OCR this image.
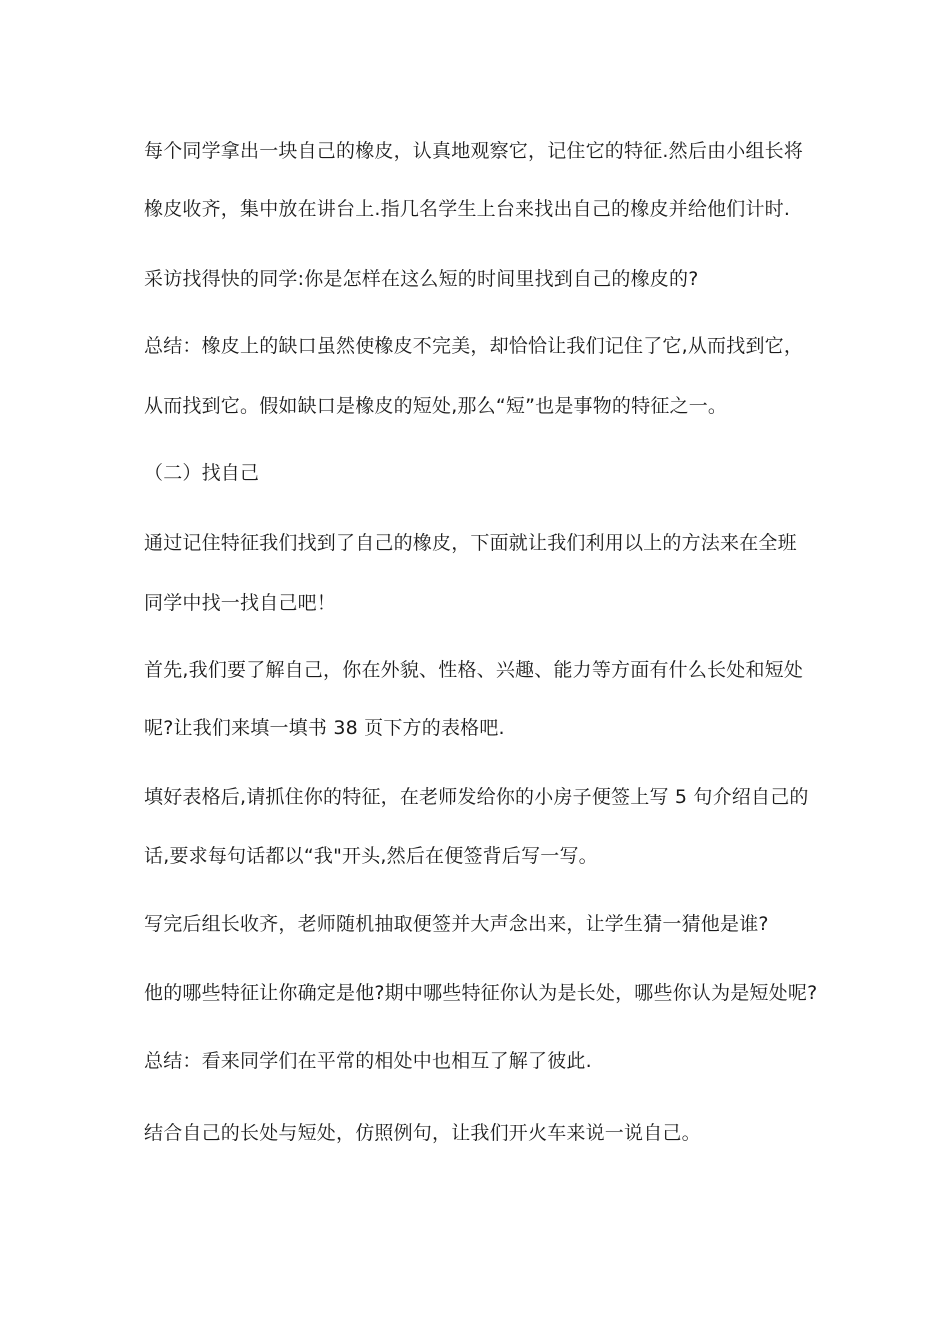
每个同学拿出一块自己的橡皮，认真地观察它，记住它的特征.然后由小组长将
橡皮收齐，集中放在讲台上.指几名学生上台来找出自己的橡皮并给他们计时.
采访找得快的同学:你是怎样在这么短的时间里找到自己的橡皮的?
总结：橡皮上的缺口虽然使橡皮不完美，却恰恰让我们记住了它,从而找到它，
从而找到它。假如缺口是橡皮的短处,那么“短”也是事物的特征之一。
（二）找自己
通过记住特征我们找到了自己的橡皮，下面就让我们利用以上的方法来在全班
同学中找一找自己吧！
首先,我们要了解自己，你在外貌、性格、兴趣、能力等方面有什么长处和短处
呢?让我们来填一填书 38 页下方的表格吧.
填好表格后,请抓住你的特征，在老师发给你的小房子便签上写 5 句介绍自己的
话,要求每句话都以“我"开头,然后在便签背后写一写。
写完后组长收齐，老师随机抽取便签并大声念出来，让学生猜一猜他是谁?
他的哪些特征让你确定是他?期中哪些特征你认为是长处，哪些你认为是短处呢?
总结：看来同学们在平常的相处中也相互了解了彼此.
结合自己的长处与短处，仿照例句，让我们开火车来说一说自己。
